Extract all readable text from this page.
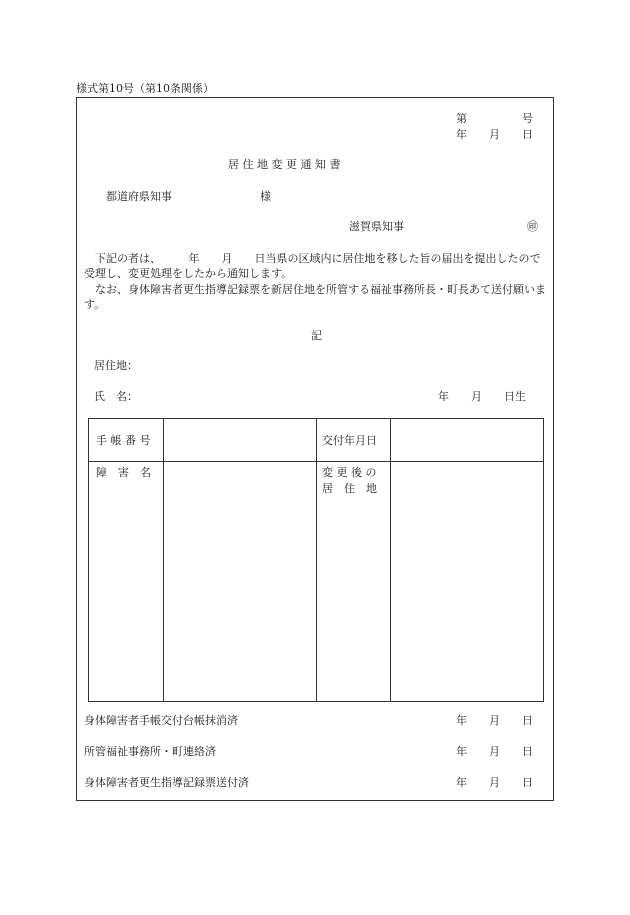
様式第10号（第10条関係）
第　　　　　号
年　　月　　日
居 住 地 変 更 通 知 書
都道府県知事　　　　　　　　様
滋賀県知事	㊞
　下記の者は、　　　年　　月　　日当県の区域内に居住地を移した旨の届出を提出したので受理し、変更処理をしたから通知します。
　なお、身体障害者更生指導記録票を新居住地を所管する福祉事務所長・町長あて送付願います。
記
居住地：
氏　名：	年　　月　　日生
手 帳 番 号	交付年月日
障　害　名	変 更 後 の
居　住　地
身体障害者手帳交付台帳抹消済	年　　月　　日
所管福祉事務所・町連絡済	年　　月　　日
身体障害者更生指導記録票送付済	年　　月　　日
